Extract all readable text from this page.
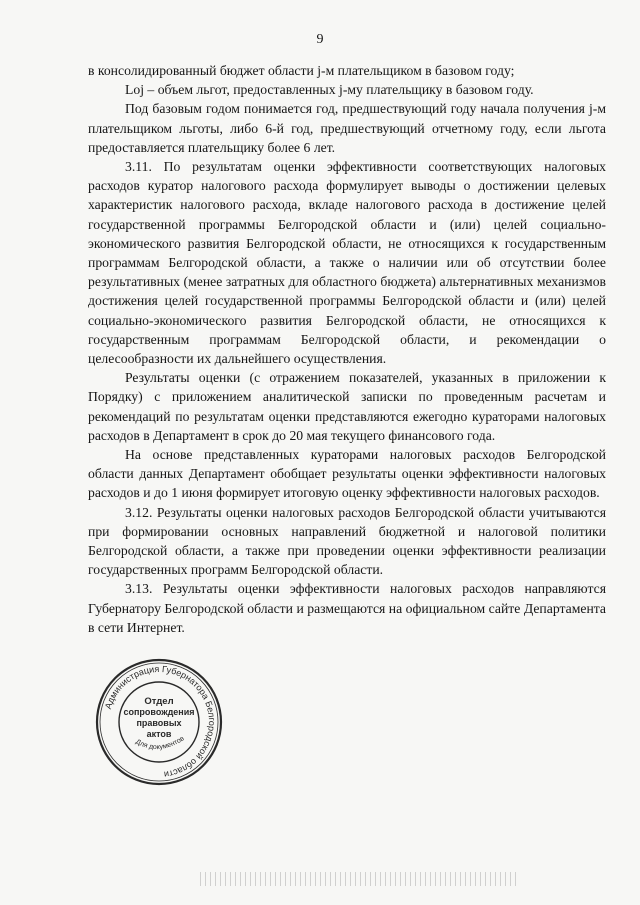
9

в консолидированный бюджет области j-м плательщиком в базовом году;

Loj – объем льгот, предоставленных j-му плательщику в базовом году.

Под базовым годом понимается год, предшествующий году начала получения j-м плательщиком льготы, либо 6-й год, предшествующий отчетному году, если льгота предоставляется плательщику более 6 лет.

3.11. По результатам оценки эффективности соответствующих налоговых расходов куратор налогового расхода формулирует выводы о достижении целевых характеристик налогового расхода, вкладе налогового расхода в достижение целей государственной программы Белгородской области и (или) целей социально-экономического развития Белгородской области, не относящихся к государственным программам Белгородской области, а также о наличии или об отсутствии более результативных (менее затратных для областного бюджета) альтернативных механизмов достижения целей государственной программы Белгородской области и (или) целей социально-экономического развития Белгородской области, не относящихся к государственным программам Белгородской области, и рекомендации о целесообразности их дальнейшего осуществления.

Результаты оценки (с отражением показателей, указанных в приложении к Порядку) с приложением аналитической записки по проведенным расчетам и рекомендаций по результатам оценки представляются ежегодно кураторами налоговых расходов в Департамент в срок до 20 мая текущего финансового года.

На основе представленных кураторами налоговых расходов Белгородской области данных Департамент обобщает результаты оценки эффективности налоговых расходов и до 1 июня формирует итоговую оценку эффективности налоговых расходов.

3.12. Результаты оценки налоговых расходов Белгородской области учитываются при формировании основных направлений бюджетной и налоговой политики Белгородской области, а также при проведении оценки эффективности реализации государственных программ Белгородской области.

3.13. Результаты оценки эффективности налоговых расходов направляются Губернатору Белгородской области и размещаются на официальном сайте Департамента в сети Интернет.

Администрация Губернатора Белгородской области
Отдел
сопровождения
правовых
актов
Для документов
